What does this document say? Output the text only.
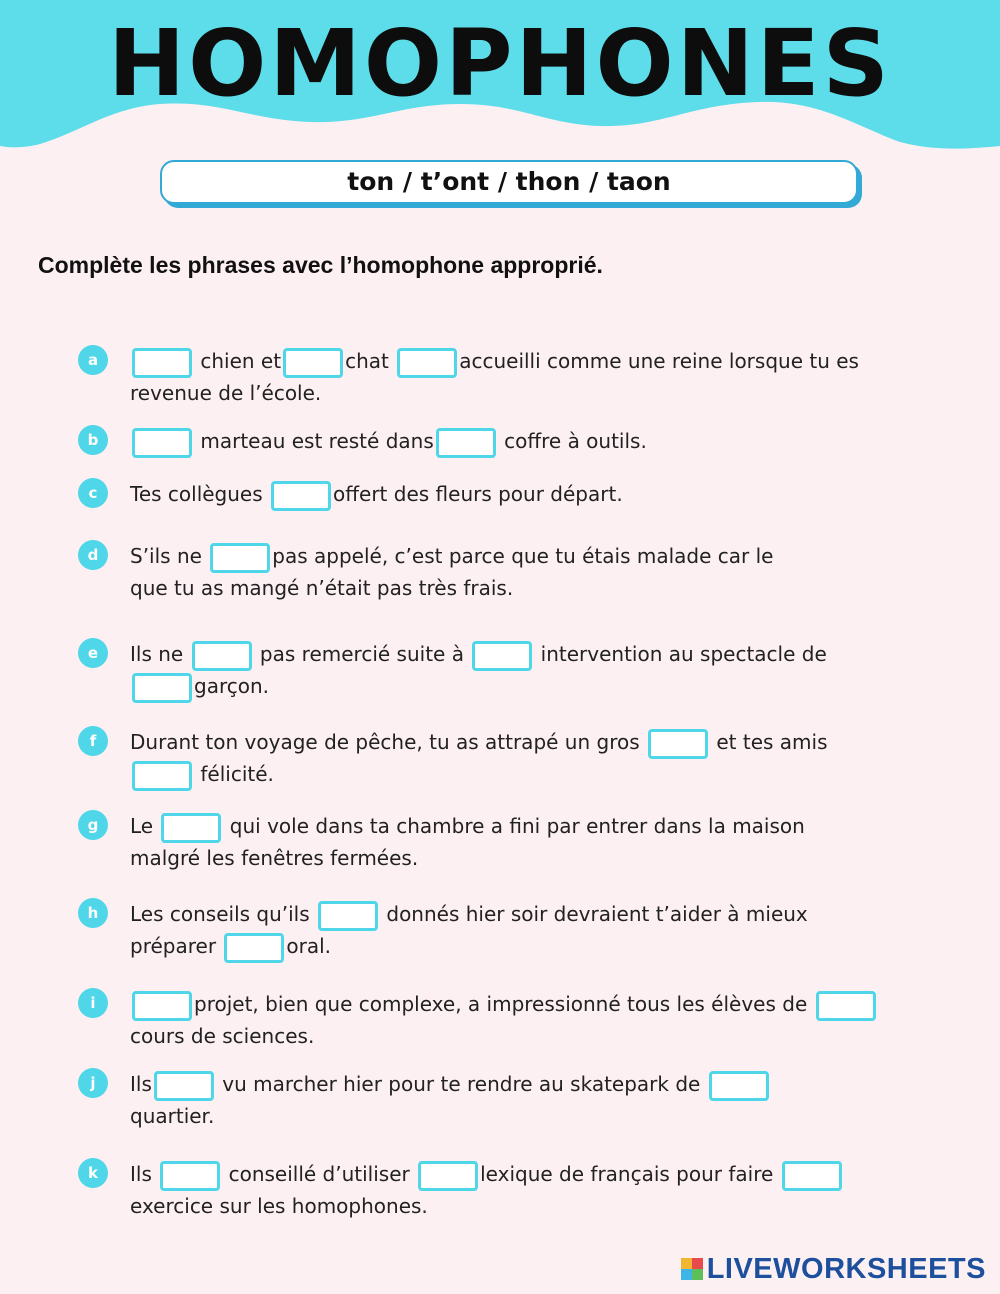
HOMOPHONES
ton / t’ont / thon / taon
Complète les phrases avec l’homophone approprié.
a	chien et	chat	accueilli comme une reine lorsque tu es
revenue de l’école.
b	marteau est resté dans	coffre à outils.
c	Tes collègues	offert des fleurs pour départ.
d	S’ils ne	pas appelé, c’est parce que tu étais malade car le
que tu as mangé n’était pas très frais.
e	Ils ne	pas remercié suite à	intervention au spectacle de
garçon.
f	Durant ton voyage de pêche, tu as attrapé un gros	et tes amis
félicité.
g	Le	qui vole dans ta chambre a fini par entrer dans la maison
malgré les fenêtres fermées.
h	Les conseils qu’ils	donnés hier soir devraient t’aider à mieux
préparer	oral.
i	projet, bien que complexe, a impressionné tous les élèves de
cours de sciences.
j	Ils	vu marcher hier pour te rendre au skatepark de
quartier.
k	Ils	conseillé d’utiliser	lexique de français pour faire
exercice sur les homophones.
LIVEWORKSHEETS
